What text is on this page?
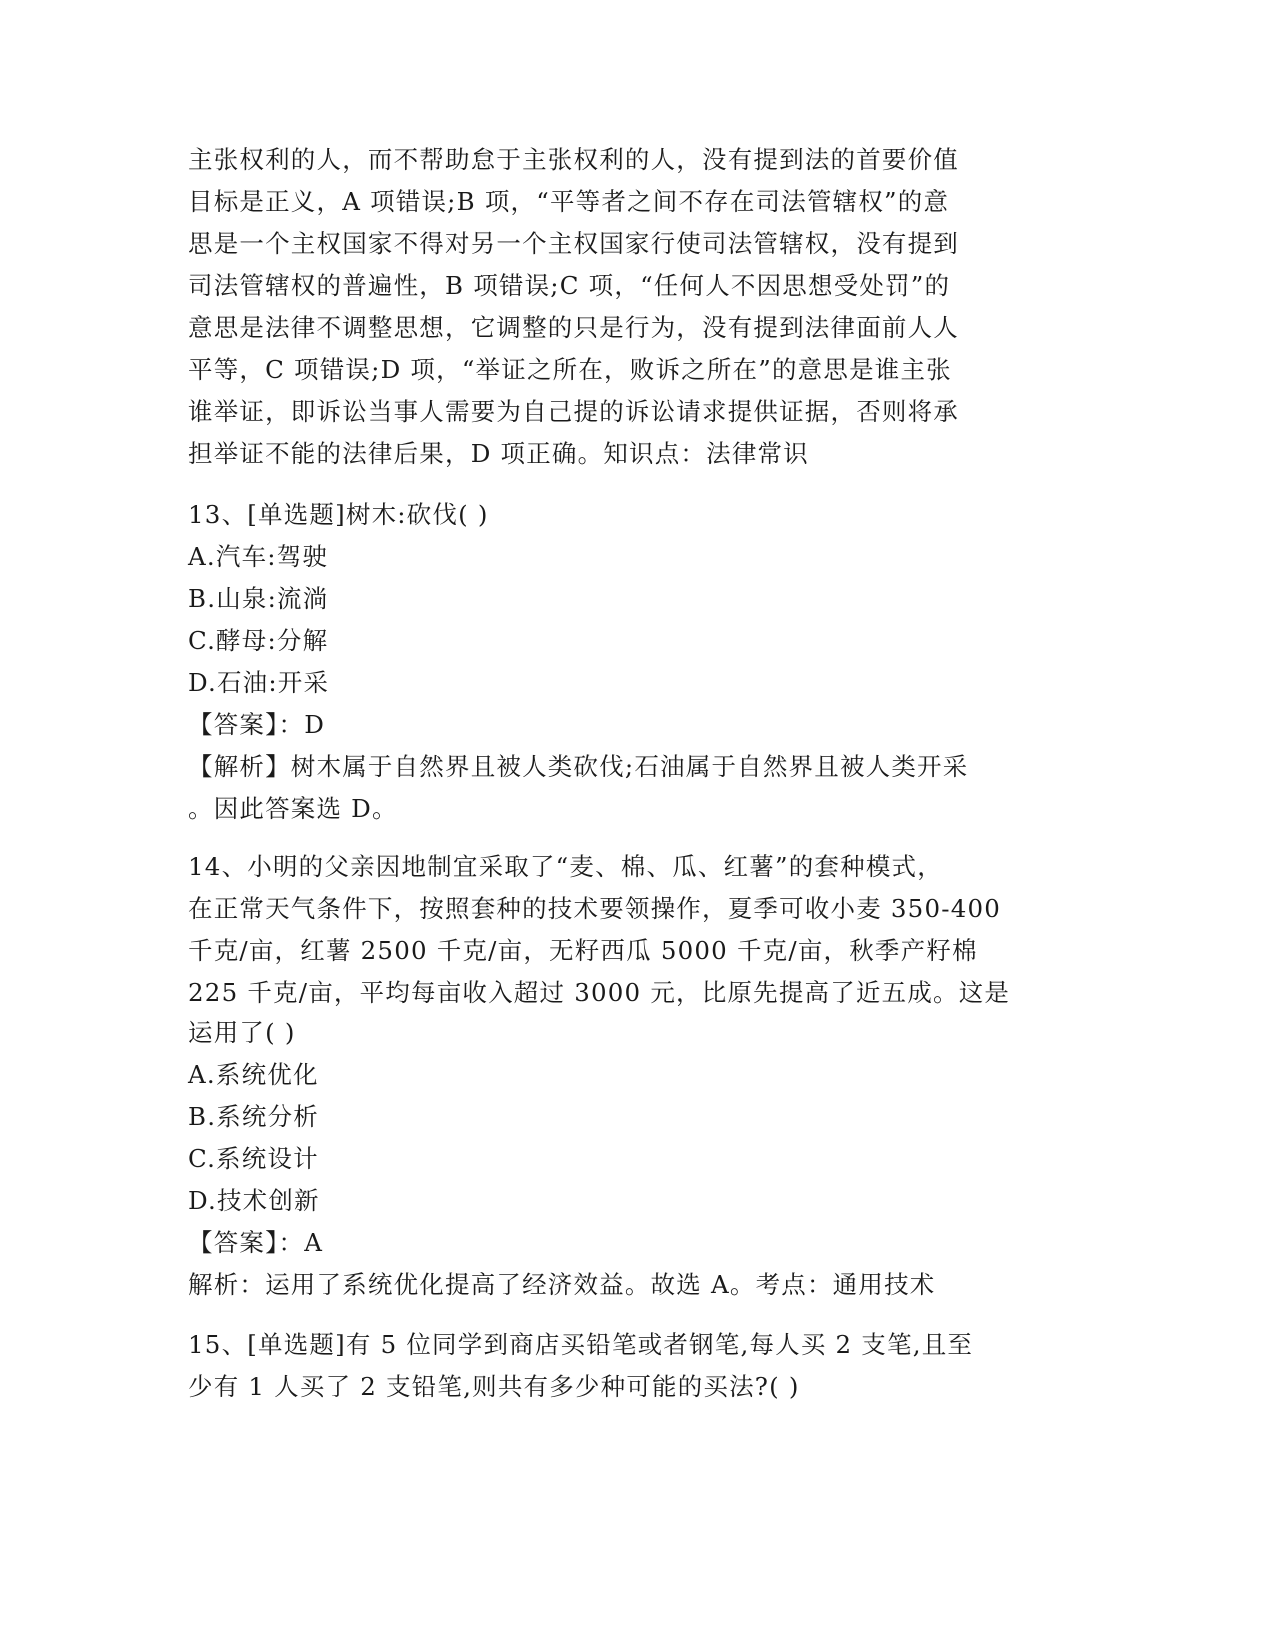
主张权利的人，而不帮助怠于主张权利的人，没有提到法的首要价值

目标是正义，A 项错误;B 项，“平等者之间不存在司法管辖权”的意

思是一个主权国家不得对另一个主权国家行使司法管辖权，没有提到

司法管辖权的普遍性，B 项错误;C 项，“任何人不因思想受处罚”的

意思是法律不调整思想，它调整的只是行为，没有提到法律面前人人

平等，C 项错误;D 项，“举证之所在，败诉之所在”的意思是谁主张

谁举证，即诉讼当事人需要为自己提的诉讼请求提供证据，否则将承

担举证不能的法律后果，D 项正确。知识点：法律常识

13、[单选题]树木:砍伐( )

A.汽车:驾驶

B.山泉:流淌

C.酵母:分解

D.石油:开采

【答案】：D

【解析】树木属于自然界且被人类砍伐;石油属于自然界且被人类开采

。因此答案选 D。

14、小明的父亲因地制宜采取了“麦、棉、瓜、红薯”的套种模式，

在正常天气条件下，按照套种的技术要领操作，夏季可收小麦 350-400

千克/亩，红薯 2500 千克/亩，无籽西瓜 5000 千克/亩，秋季产籽棉

225 千克/亩，平均每亩收入超过 3000 元，比原先提高了近五成。这是

运用了( )

A.系统优化

B.系统分析

C.系统设计

D.技术创新

【答案】：A

解析：运用了系统优化提高了经济效益。故选 A。考点：通用技术

15、[单选题]有 5 位同学到商店买铅笔或者钢笔,每人买 2 支笔,且至

少有 1 人买了 2 支铅笔,则共有多少种可能的买法?( )
